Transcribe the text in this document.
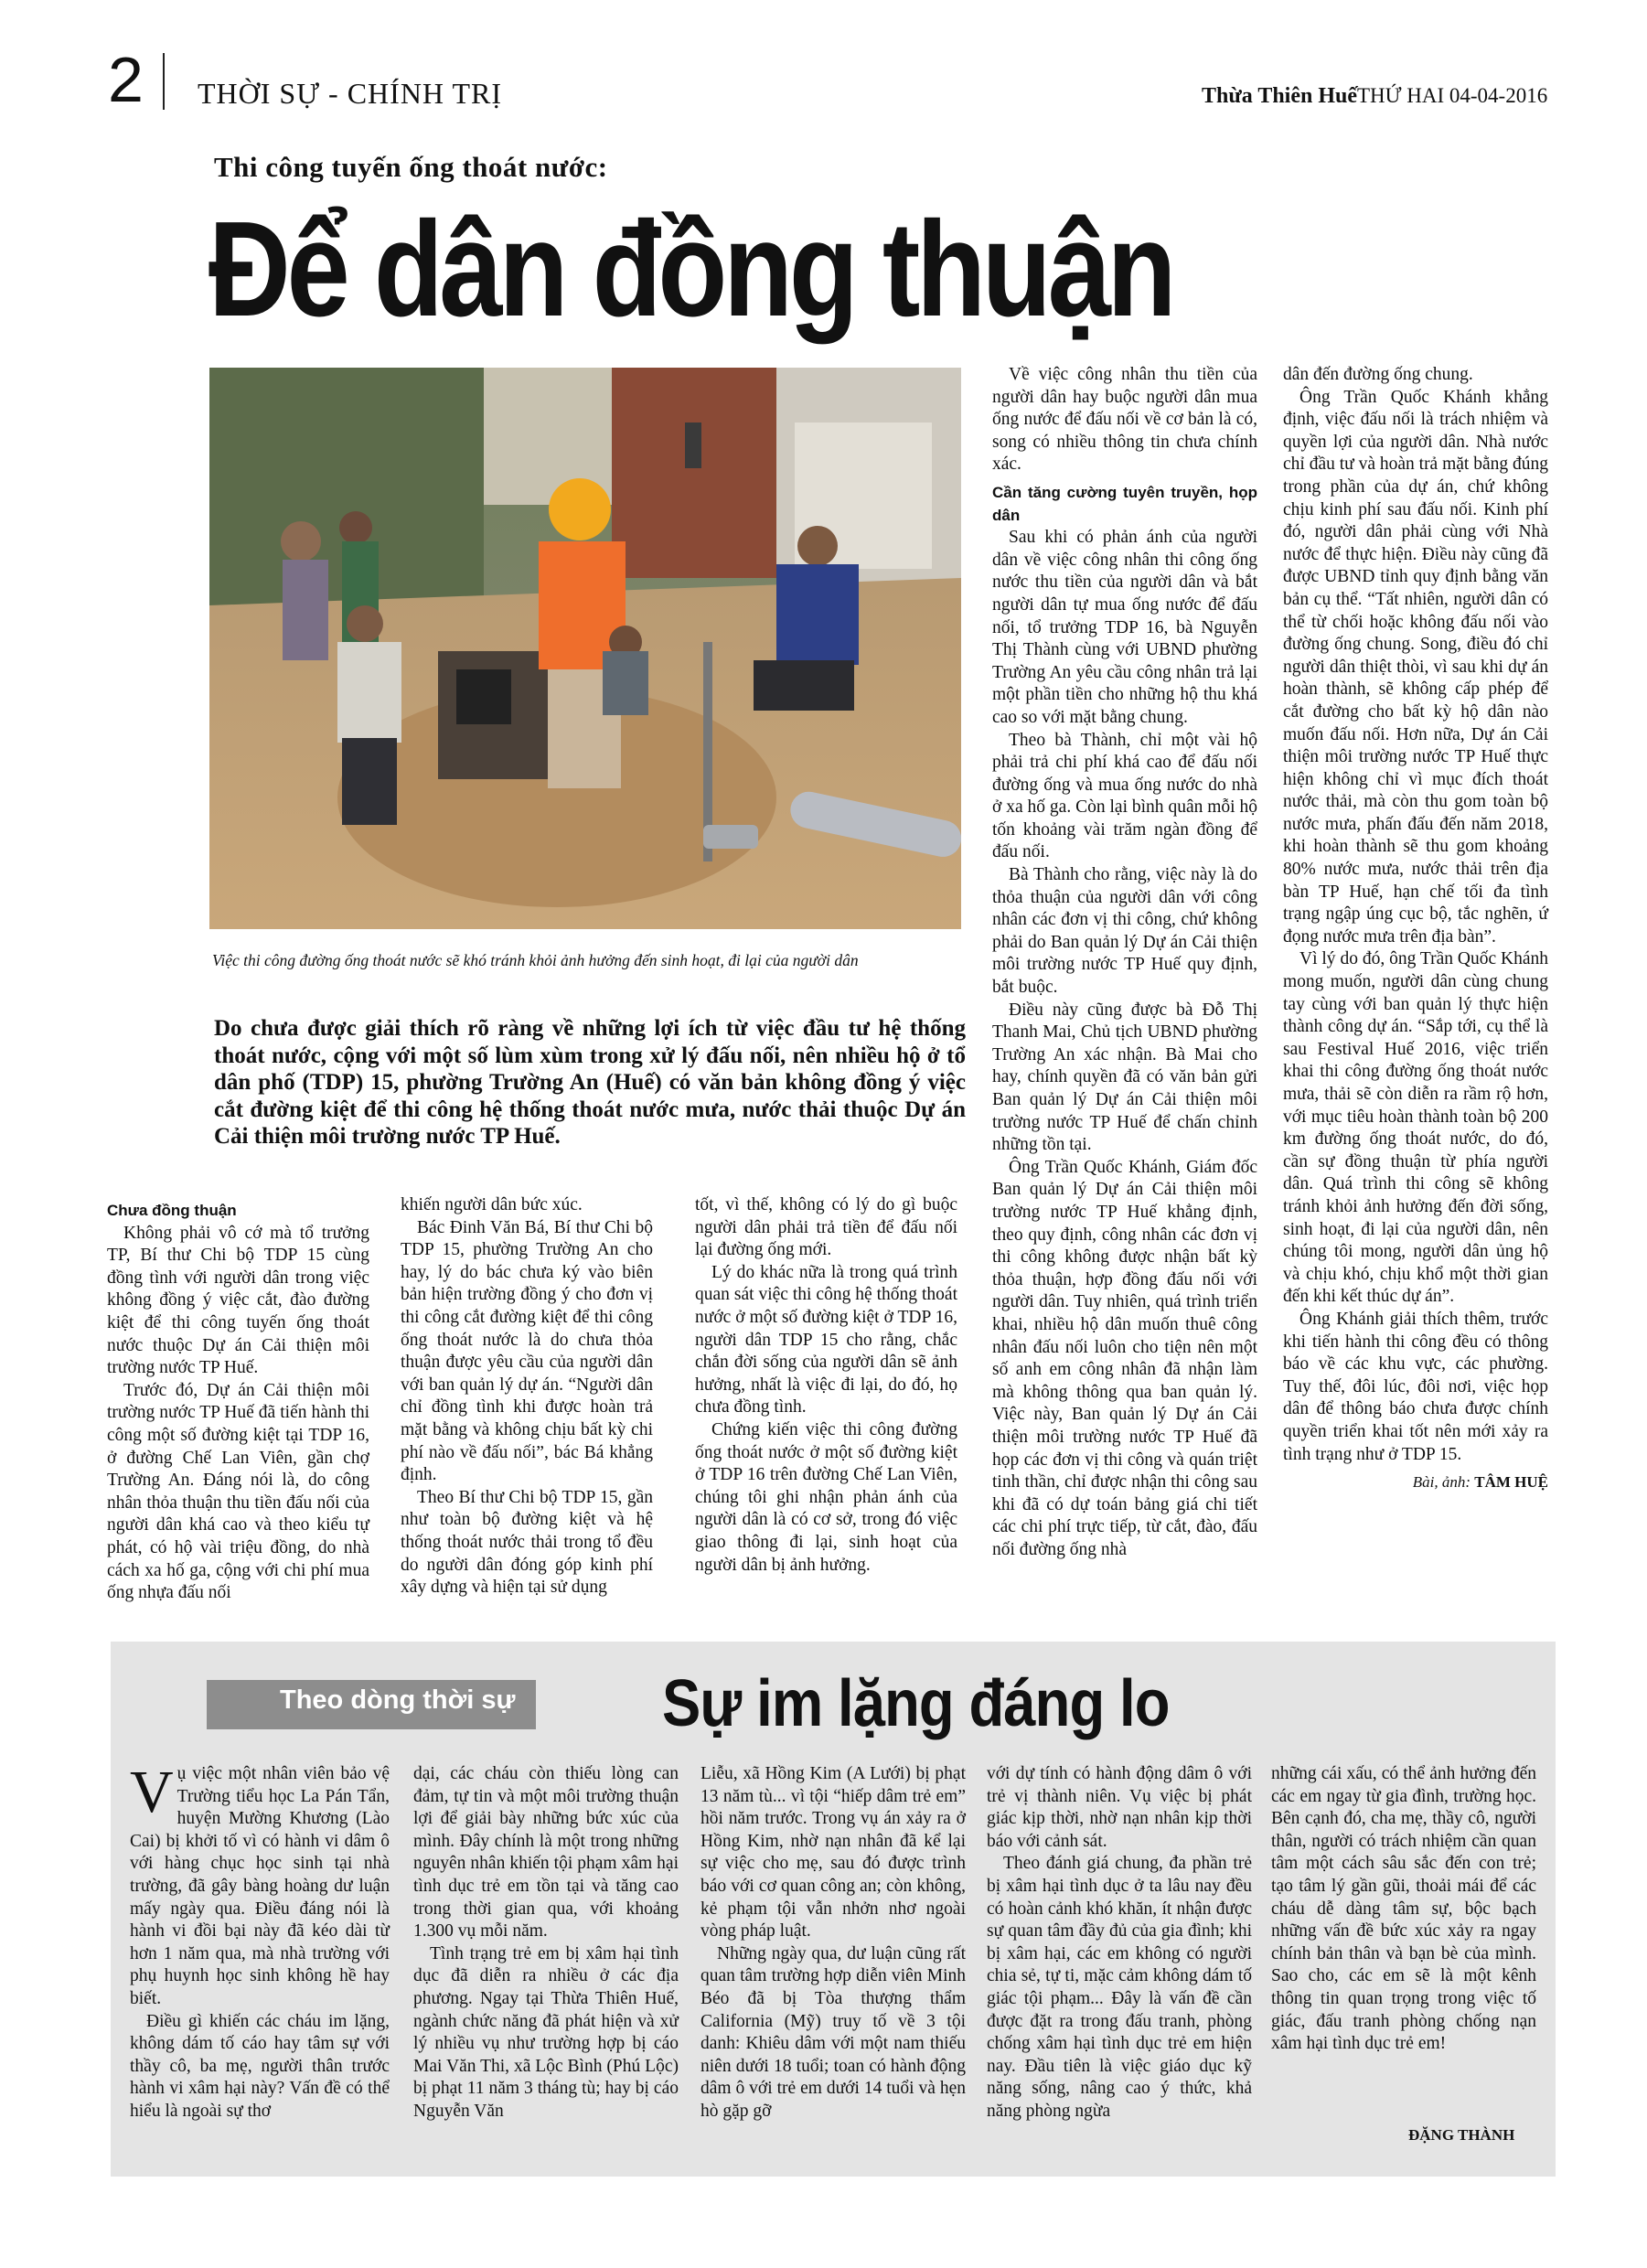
2 THỜI SỰ - CHÍNH TRỊ	Thừa Thiên Huế THỨ HAI 04-04-2016
Thi công tuyến ống thoát nước:
Để dân đồng thuận
Việc thi công đường ống thoát nước sẽ khó tránh khỏi ảnh hưởng đến sinh hoạt, đi lại của người dân
Do chưa được giải thích rõ ràng về những lợi ích từ việc đầu tư hệ thống thoát nước, cộng với một số lùm xùm trong xử lý đấu nối, nên nhiều hộ ở tổ dân phố (TDP) 15, phường Trường An (Huế) có văn bản không đồng ý việc cắt đường kiệt để thi công hệ thống thoát nước mưa, nước thải thuộc Dự án Cải thiện môi trường nước TP Huế.

Chưa đồng thuận

Không phải vô cớ mà tổ trưởng TP, Bí thư Chi bộ TDP 15 cùng đồng tình với người dân trong việc không đồng ý việc cắt, đào đường kiệt để thi công tuyến ống thoát nước thuộc Dự án Cải thiện môi trường nước TP Huế.

Trước đó, Dự án Cải thiện môi trường nước TP Huế đã tiến hành thi công một số đường kiệt tại TDP 16, ở đường Chế Lan Viên, gần chợ Trường An. Đáng nói là, do công nhân thỏa thuận thu tiền đấu nối của người dân khá cao và theo kiểu tự phát, có hộ vài triệu đồng, do nhà cách xa hố ga, cộng với chi phí mua ống nhựa đấu nối

khiến người dân bức xúc.

Bác Đinh Văn Bá, Bí thư Chi bộ TDP 15, phường Trường An cho hay, lý do bác chưa ký vào biên bản hiện trường đồng ý cho đơn vị thi công cắt đường kiệt để thi công ống thoát nước là do chưa thỏa thuận được yêu cầu của người dân với ban quản lý dự án. “Người dân chỉ đồng tình khi được hoàn trả mặt bằng và không chịu bất kỳ chi phí nào về đấu nối”, bác Bá khẳng định.

Theo Bí thư Chi bộ TDP 15, gần như toàn bộ đường kiệt và hệ thống thoát nước thải trong tổ đều do người dân đóng góp kinh phí xây dựng và hiện tại sử dụng

tốt, vì thế, không có lý do gì buộc người dân phải trả tiền để đấu nối lại đường ống mới.

Lý do khác nữa là trong quá trình quan sát việc thi công hệ thống thoát nước ở một số đường kiệt ở TDP 16, người dân TDP 15 cho rằng, chắc chắn đời sống của người dân sẽ ảnh hưởng, nhất là việc đi lại, do đó, họ chưa đồng tình.

Chứng kiến việc thi công đường ống thoát nước ở một số đường kiệt ở TDP 16 trên đường Chế Lan Viên, chúng tôi ghi nhận phản ánh của người dân là có cơ sở, trong đó việc giao thông đi lại, sinh hoạt của người dân bị ảnh hưởng.

Về việc công nhân thu tiền của người dân hay buộc người dân mua ống nước để đấu nối về cơ bản là có, song có nhiều thông tin chưa chính xác.

Cần tăng cường tuyên truyền, họp dân

Sau khi có phản ánh của người dân về việc công nhân thi công ống nước thu tiền của người dân và bắt người dân tự mua ống nước để đấu nối, tổ trưởng TDP 16, bà Nguyễn Thị Thành cùng với UBND phường Trường An yêu cầu công nhân trả lại một phần tiền cho những hộ thu khá cao so với mặt bằng chung.

Theo bà Thành, chỉ một vài hộ phải trả chi phí khá cao để đấu nối đường ống và mua ống nước do nhà ở xa hố ga. Còn lại bình quân mỗi hộ tốn khoảng vài trăm ngàn đồng để đấu nối.

Bà Thành cho rằng, việc này là do thỏa thuận của người dân với công nhân các đơn vị thi công, chứ không phải do Ban quản lý Dự án Cải thiện môi trường nước TP Huế quy định, bắt buộc.

Điều này cũng được bà Đỗ Thị Thanh Mai, Chủ tịch UBND phường Trường An xác nhận. Bà Mai cho hay, chính quyền đã có văn bản gửi Ban quản lý Dự án Cải thiện môi trường nước TP Huế để chấn chỉnh những tồn tại.

Ông Trần Quốc Khánh, Giám đốc Ban quản lý Dự án Cải thiện môi trường nước TP Huế khẳng định, theo quy định, công nhân các đơn vị thi công không được nhận bất kỳ thỏa thuận, hợp đồng đấu nối với người dân. Tuy nhiên, quá trình triển khai, nhiều hộ dân muốn thuê công nhân đấu nối luôn cho tiện nên một số anh em công nhân đã nhận làm mà không thông qua ban quản lý. Việc này, Ban quản lý Dự án Cải thiện môi trường nước TP Huế đã họp các đơn vị thi công và quán triệt tinh thần, chỉ được nhận thi công sau khi đã có dự toán bảng giá chi tiết các chi phí trực tiếp, từ cắt, đào, đấu nối đường ống nhà

dân đến đường ống chung.

Ông Trần Quốc Khánh khẳng định, việc đấu nối là trách nhiệm và quyền lợi của người dân. Nhà nước chỉ đầu tư và hoàn trả mặt bằng đúng trong phần của dự án, chứ không chịu kinh phí sau đấu nối. Kinh phí đó, người dân phải cùng với Nhà nước để thực hiện. Điều này cũng đã được UBND tỉnh quy định bằng văn bản cụ thể. “Tất nhiên, người dân có thể từ chối hoặc không đấu nối vào đường ống chung. Song, điều đó chỉ người dân thiệt thòi, vì sau khi dự án hoàn thành, sẽ không cấp phép để cắt đường cho bất kỳ hộ dân nào muốn đấu nối. Hơn nữa, Dự án Cải thiện môi trường nước TP Huế thực hiện không chỉ vì mục đích thoát nước thải, mà còn thu gom toàn bộ nước mưa, phấn đấu đến năm 2018, khi hoàn thành sẽ thu gom khoảng 80% nước mưa, nước thải trên địa bàn TP Huế, hạn chế tối đa tình trạng ngập úng cục bộ, tắc nghẽn, ứ đọng nước mưa trên địa bàn”.

Vì lý do đó, ông Trần Quốc Khánh mong muốn, người dân cùng chung tay cùng với ban quản lý thực hiện thành công dự án. “Sắp tới, cụ thể là sau Festival Huế 2016, việc triển khai thi công đường ống thoát nước mưa, thải sẽ còn diễn ra rầm rộ hơn, với mục tiêu hoàn thành toàn bộ 200 km đường ống thoát nước, do đó, cần sự đồng thuận từ phía người dân. Quá trình thi công sẽ không tránh khỏi ảnh hưởng đến đời sống, sinh hoạt, đi lại của người dân, nên chúng tôi mong, người dân ủng hộ và chịu khó, chịu khổ một thời gian đến khi kết thúc dự án”.

Ông Khánh giải thích thêm, trước khi tiến hành thi công đều có thông báo về các khu vực, các phường. Tuy thế, đôi lúc, đôi nơi, việc họp dân để thông báo chưa được chính quyền triển khai tốt nên mới xảy ra tình trạng như ở TDP 15.

Bài, ảnh: TÂM HUỆ
Theo dòng thời sự Sự im lặng đáng lo

Vụ việc một nhân viên bảo vệ Trường tiểu học La Pán Tẩn, huyện Mường Khương (Lào Cai) bị khởi tố vì có hành vi dâm ô với hàng chục học sinh tại nhà trường, đã gây bàng hoàng dư luận mấy ngày qua. Điều đáng nói là hành vi đồi bại này đã kéo dài từ hơn 1 năm qua, mà nhà trường với phụ huynh học sinh không hề hay biết.

Điều gì khiến các cháu im lặng, không dám tố cáo hay tâm sự với thầy cô, ba mẹ, người thân trước hành vi xâm hại này? Vấn đề có thể hiểu là ngoài sự thơ

dại, các cháu còn thiếu lòng can đảm, tự tin và một môi trường thuận lợi để giải bày những bức xúc của mình. Đây chính là một trong những nguyên nhân khiến tội phạm xâm hại tình dục trẻ em tồn tại và tăng cao trong thời gian qua, với khoảng 1.300 vụ mỗi năm.

Tình trạng trẻ em bị xâm hại tình dục đã diễn ra nhiều ở các địa phương. Ngay tại Thừa Thiên Huế, ngành chức năng đã phát hiện và xử lý nhiều vụ như trường hợp bị cáo Mai Văn Thi, xã Lộc Bình (Phú Lộc) bị phạt 11 năm 3 tháng tù; hay bị cáo Nguyễn Văn

Liễu, xã Hồng Kim (A Lưới) bị phạt 13 năm tù... vì tội “hiếp dâm trẻ em” hồi năm trước. Trong vụ án xảy ra ở Hồng Kim, nhờ nạn nhân đã kể lại sự việc cho mẹ, sau đó được trình báo với cơ quan công an; còn không, kẻ phạm tội vẫn nhởn nhơ ngoài vòng pháp luật.

Những ngày qua, dư luận cũng rất quan tâm trường hợp diễn viên Minh Béo đã bị Tòa thượng thẩm California (Mỹ) truy tố về 3 tội danh: Khiêu dâm với một nam thiếu niên dưới 18 tuổi; toan có hành động dâm ô với trẻ em dưới 14 tuổi và hẹn hò gặp gỡ

với dự tính có hành động dâm ô với trẻ vị thành niên. Vụ việc bị phát giác kịp thời, nhờ nạn nhân kịp thời báo với cảnh sát.

Theo đánh giá chung, đa phần trẻ bị xâm hại tình dục ở ta lâu nay đều có hoàn cảnh khó khăn, ít nhận được sự quan tâm đầy đủ của gia đình; khi bị xâm hại, các em không có người chia sẻ, tự ti, mặc cảm không dám tố giác tội phạm... Đây là vấn đề cần được đặt ra trong đấu tranh, phòng chống xâm hại tình dục trẻ em hiện nay. Đầu tiên là việc giáo dục kỹ năng sống, nâng cao ý thức, khả năng phòng ngừa

những cái xấu, có thể ảnh hưởng đến các em ngay từ gia đình, trường học. Bên cạnh đó, cha mẹ, thầy cô, người thân, người có trách nhiệm cần quan tâm một cách sâu sắc đến con trẻ; tạo tâm lý gần gũi, thoải mái để các cháu dễ dàng tâm sự, bộc bạch những vấn đề bức xúc xảy ra ngay chính bản thân và bạn bè của mình. Sao cho, các em sẽ là một kênh thông tin quan trọng trong việc tố giác, đấu tranh phòng chống nạn xâm hại tình dục trẻ em!

ĐẶNG THÀNH
